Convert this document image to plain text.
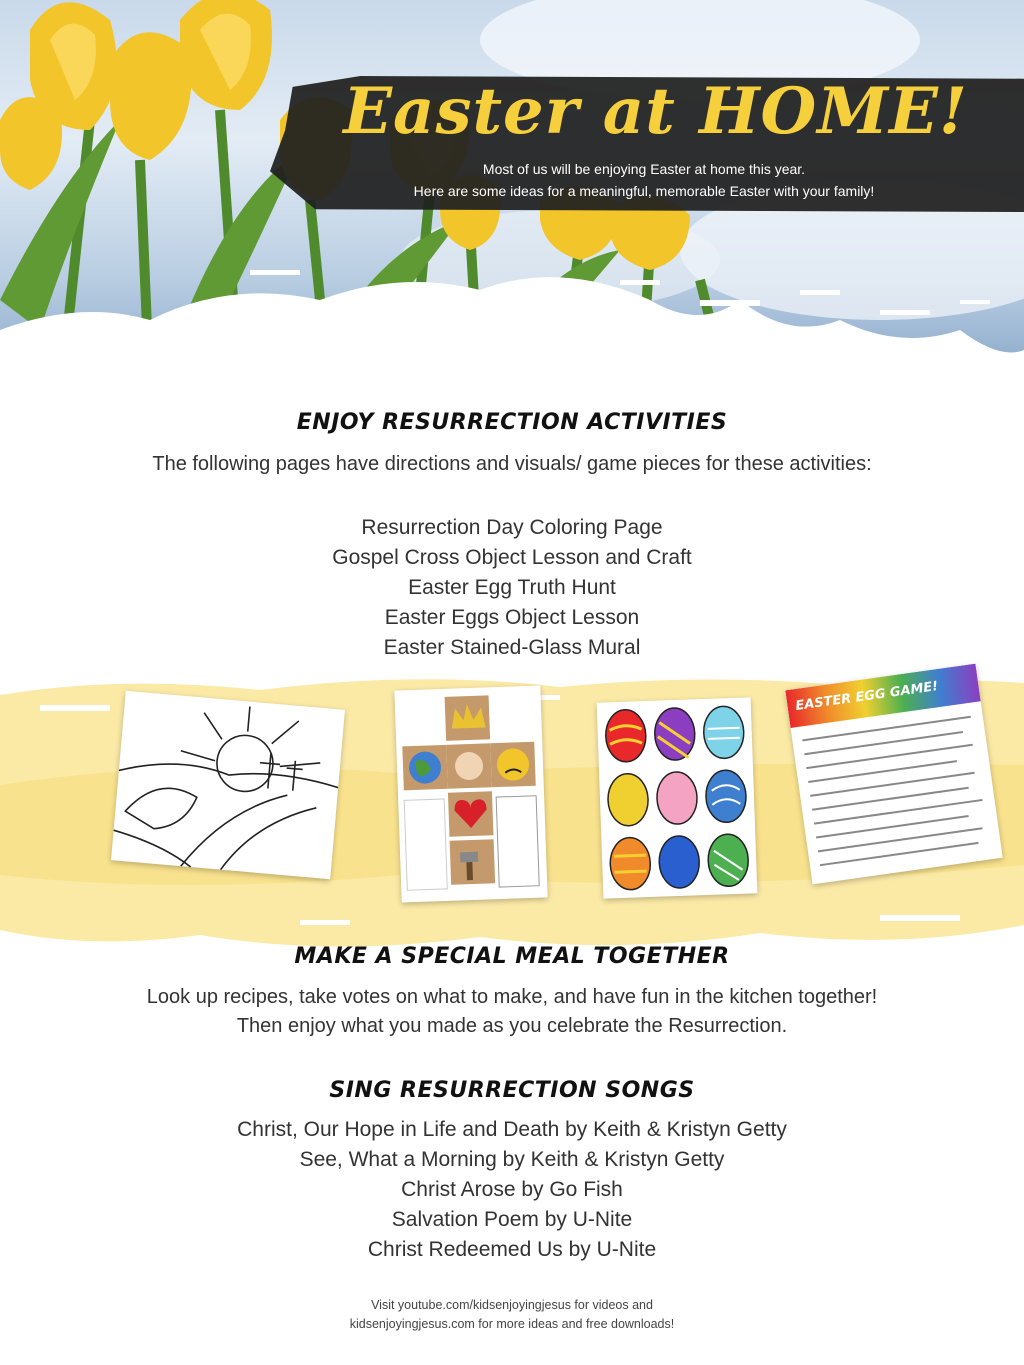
Easter at HOME!
Most of us will be enjoying Easter at home this year.
Here are some ideas for a meaningful, memorable Easter with your family!
ENJOY RESURRECTION ACTIVITIES
The following pages have directions and visuals/ game pieces for these activities:
Resurrection Day Coloring Page
Gospel Cross Object Lesson and Craft
Easter Egg Truth Hunt
Easter Eggs Object Lesson
Easter Stained-Glass Mural
EASTER EGG GAME!
MAKE A SPECIAL MEAL TOGETHER
Look up recipes, take votes on what to make, and have fun in the kitchen together!
Then enjoy what you made as you celebrate the Resurrection.
SING RESURRECTION SONGS
Christ, Our Hope in Life and Death by Keith & Kristyn Getty
See, What a Morning by Keith & Kristyn Getty
Christ Arose by Go Fish
Salvation Poem by U-Nite
Christ Redeemed Us by U-Nite
Visit youtube.com/kidsenjoyingjesus for videos and
kidsenjoyingjesus.com for more ideas and free downloads!
